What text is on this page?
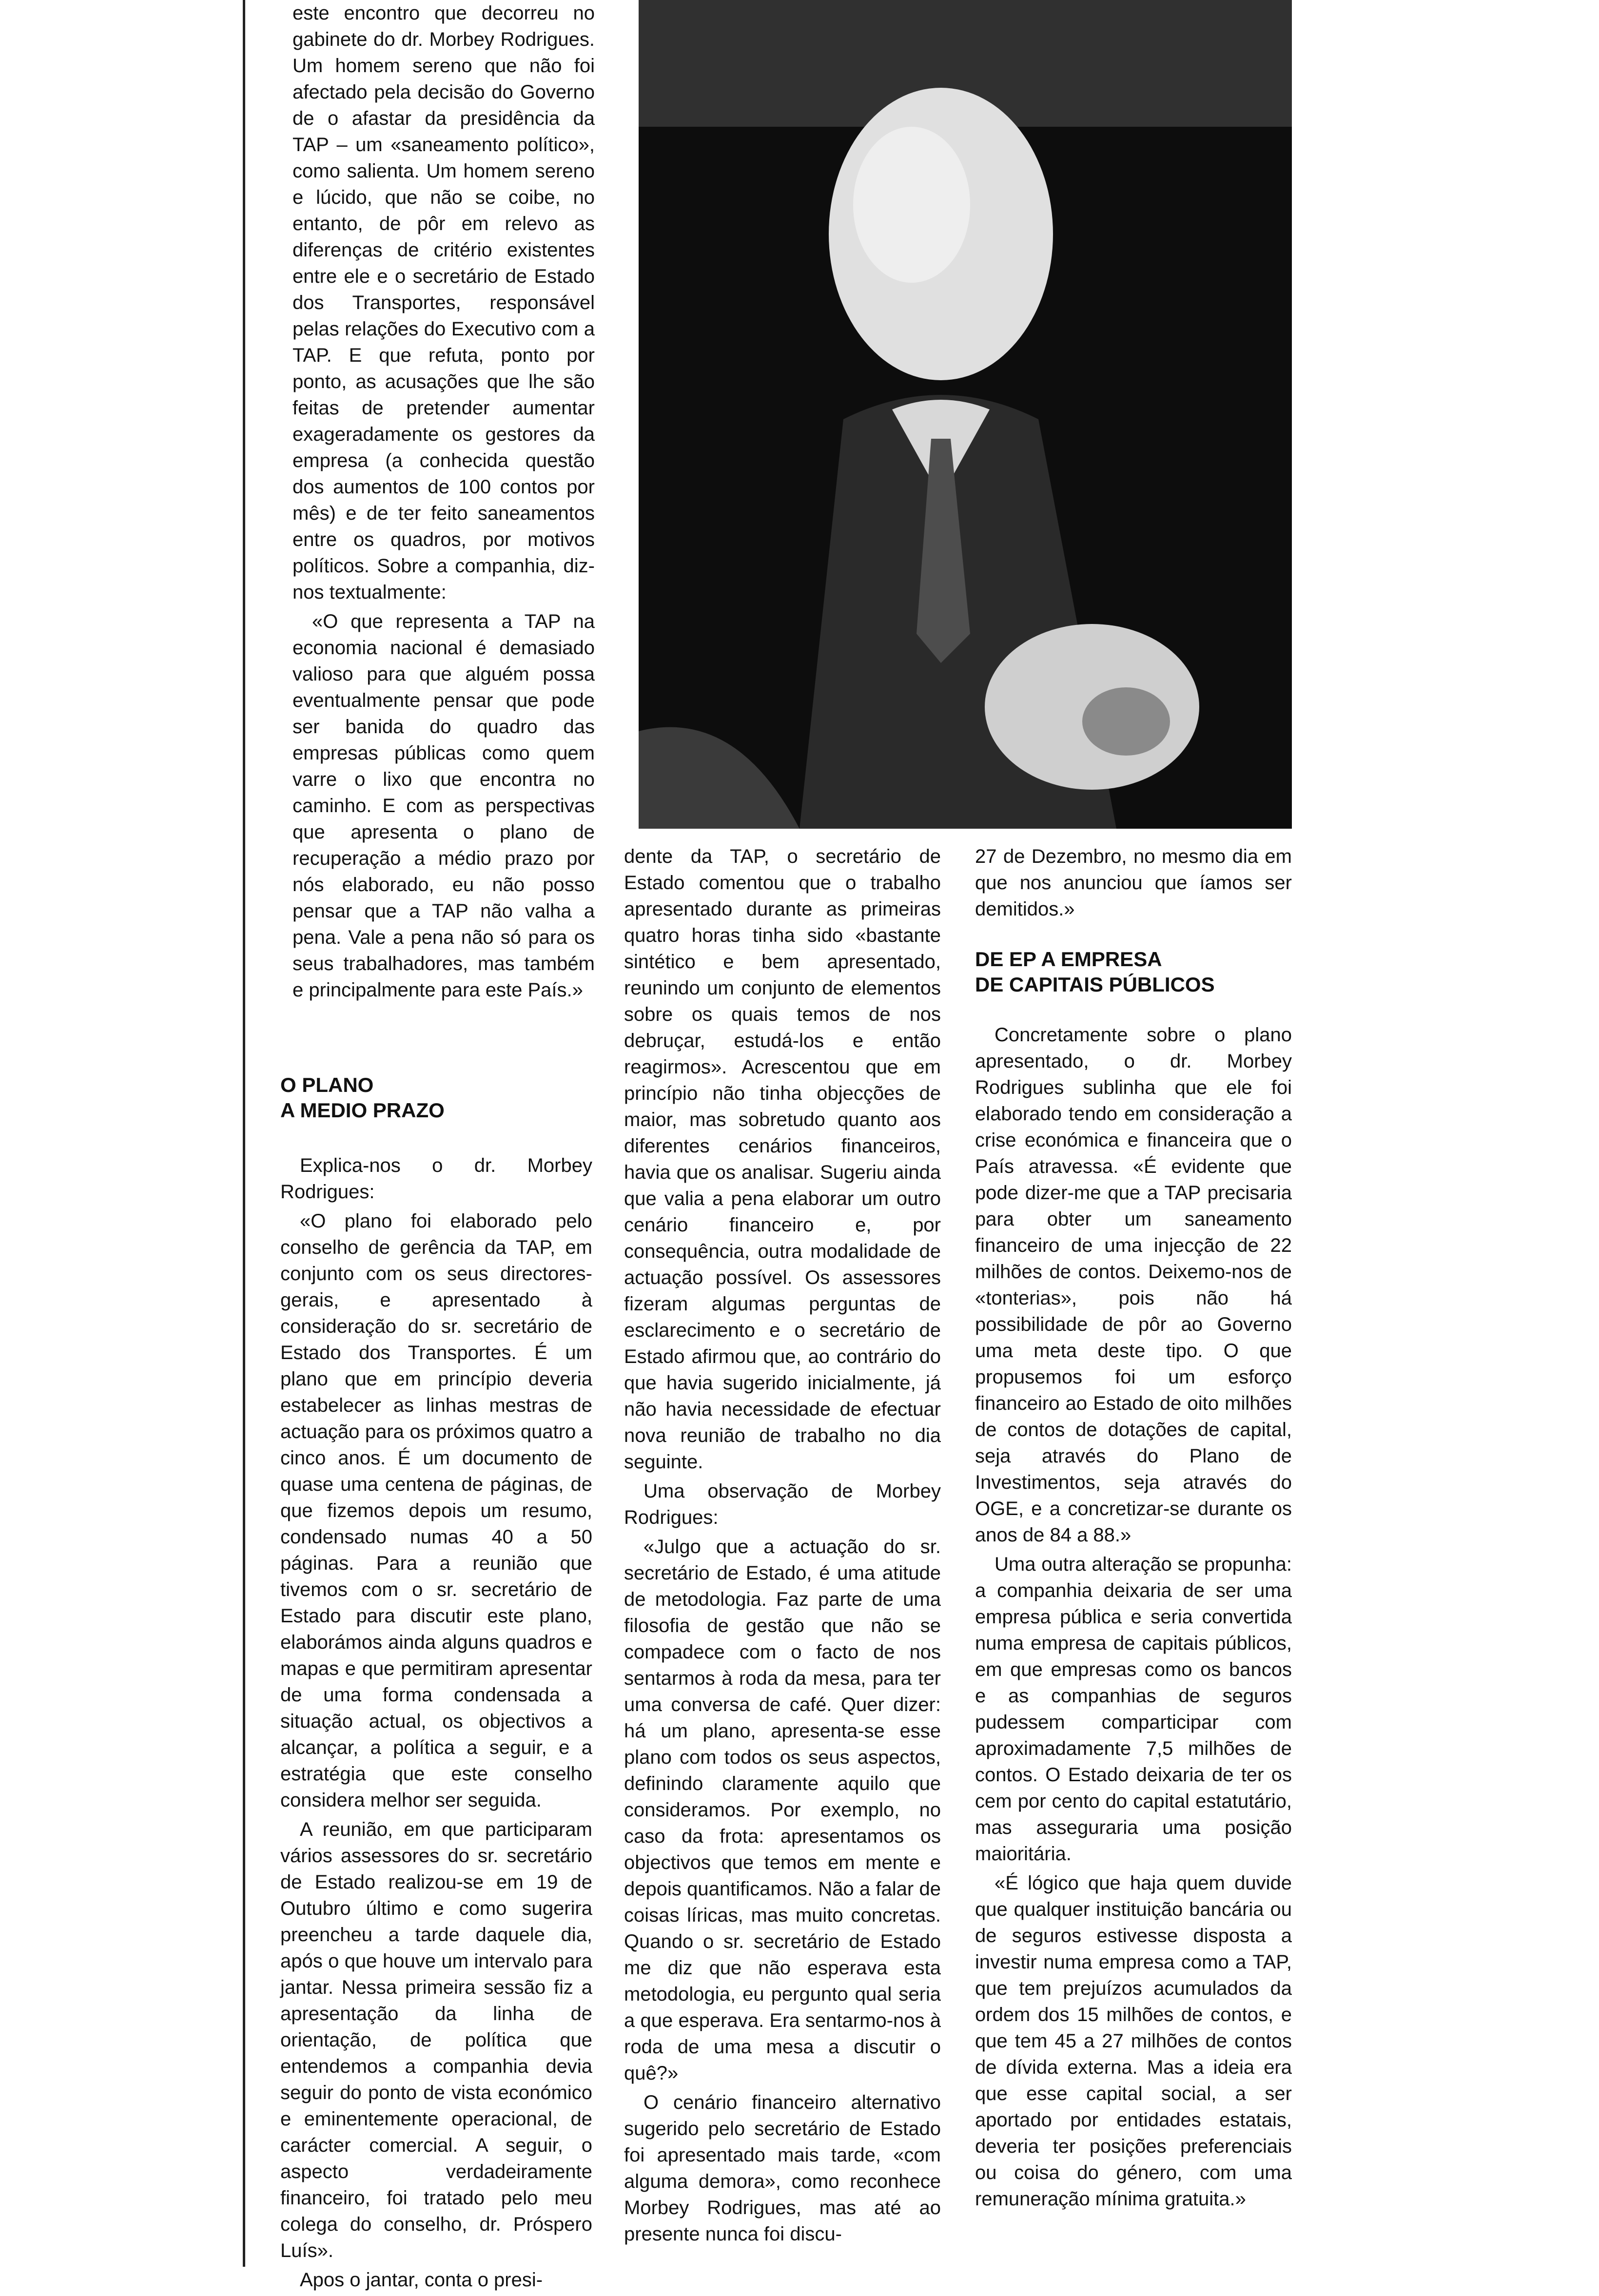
este encontro que decorreu no gabinete do dr. Morbey Rodrigues. Um homem sereno que não foi afectado pela decisão do Governo de o afastar da presidência da TAP – um «saneamento político», como salienta. Um homem sereno e lúcido, que não se coibe, no entanto, de pôr em relevo as diferenças de critério existentes entre ele e o secretário de Estado dos Transportes, responsável pelas relações do Executivo com a TAP. E que refuta, ponto por ponto, as acusações que lhe são feitas de pretender aumentar exageradamente os gestores da empresa (a conhecida questão dos aumentos de 100 contos por mês) e de ter feito saneamentos entre os quadros, por motivos políticos. Sobre a companhia, diz-nos textualmente:

«O que representa a TAP na economia nacional é demasiado valioso para que alguém possa eventualmente pensar que pode ser banida do quadro das empresas públicas como quem varre o lixo que encontra no caminho. E com as perspectivas que apresenta o plano de recuperação a médio prazo por nós elaborado, eu não posso pensar que a TAP não valha a pena. Vale a pena não só para os seus trabalhadores, mas também e principalmente para este País.»

O PLANO
A MEDIO PRAZO

Explica-nos o dr. Morbey Rodrigues:

«O plano foi elaborado pelo conselho de gerência da TAP, em conjunto com os seus directores-gerais, e apresentado à consideração do sr. secretário de Estado dos Transportes. É um plano que em princípio deveria estabelecer as linhas mestras de actuação para os próximos quatro a cinco anos. É um documento de quase uma centena de páginas, de que fizemos depois um resumo, condensado numas 40 a 50 páginas. Para a reunião que tivemos com o sr. secretário de Estado para discutir este plano, elaborámos ainda alguns quadros e mapas e que permitiram apresentar de uma forma condensada a situação actual, os objectivos a alcançar, a política a seguir, e a estratégia que este conselho considera melhor ser seguida.

A reunião, em que participaram vários assessores do sr. secretário de Estado realizou-se em 19 de Outubro último e como sugerira preencheu a tarde daquele dia, após o que houve um intervalo para jantar. Nessa primeira sessão fiz a apresentação da linha de orientação, de política que entendemos a companhia devia seguir do ponto de vista económico e eminentemente operacional, de carácter comercial. A seguir, o aspecto verdadeiramente financeiro, foi tratado pelo meu colega do conselho, dr. Próspero Luís».

Apos o jantar, conta o presi-

dente da TAP, o secretário de Estado comentou que o trabalho apresentado durante as primeiras quatro horas tinha sido «bastante sintético e bem apresentado, reunindo um conjunto de elementos sobre os quais temos de nos debruçar, estudá-los e então reagirmos». Acrescentou que em princípio não tinha objecções de maior, mas sobretudo quanto aos diferentes cenários financeiros, havia que os analisar. Sugeriu ainda que valia a pena elaborar um outro cenário financeiro e, por consequência, outra modalidade de actuação possível. Os assessores fizeram algumas perguntas de esclarecimento e o secretário de Estado afirmou que, ao contrário do que havia sugerido inicialmente, já não havia necessidade de efectuar nova reunião de trabalho no dia seguinte.

Uma observação de Morbey Rodrigues:

«Julgo que a actuação do sr. secretário de Estado, é uma atitude de metodologia. Faz parte de uma filosofia de gestão que não se compadece com o facto de nos sentarmos à roda da mesa, para ter uma conversa de café. Quer dizer: há um plano, apresenta-se esse plano com todos os seus aspectos, definindo claramente aquilo que consideramos. Por exemplo, no caso da frota: apresentamos os objectivos que temos em mente e depois quantificamos. Não a falar de coisas líricas, mas muito concretas. Quando o sr. secretário de Estado me diz que não esperava esta metodologia, eu pergunto qual seria a que esperava. Era sentarmo-nos à roda de uma mesa a discutir o quê?»

O cenário financeiro alternativo sugerido pelo secretário de Estado foi apresentado mais tarde, «com alguma demora», como reconhece Morbey Rodrigues, mas até ao presente nunca foi discu-

27 de Dezembro, no mesmo dia em que nos anunciou que íamos ser demitidos.»

DE EP A EMPRESA
DE CAPITAIS PÚBLICOS

Concretamente sobre o plano apresentado, o dr. Morbey Rodrigues sublinha que ele foi elaborado tendo em consideração a crise económica e financeira que o País atravessa. «É evidente que pode dizer-me que a TAP precisaria para obter um saneamento financeiro de uma injecção de 22 milhões de contos. Deixemo-nos de «tonterias», pois não há possibilidade de pôr ao Governo uma meta deste tipo. O que propusemos foi um esforço financeiro ao Estado de oito milhões de contos de dotações de capital, seja através do Plano de Investimentos, seja através do OGE, e a concretizar-se durante os anos de 84 a 88.»

Uma outra alteração se propunha: a companhia deixaria de ser uma empresa pública e seria convertida numa empresa de capitais públicos, em que empresas como os bancos e as companhias de seguros pudessem comparticipar com aproximadamente 7,5 milhões de contos. O Estado deixaria de ter os cem por cento do capital estatutário, mas asseguraria uma posição maioritária.

«É lógico que haja quem duvide que qualquer instituição bancária ou de seguros estivesse disposta a investir numa empresa como a TAP, que tem prejuízos acumulados da ordem dos 15 milhões de contos, e que tem 45 a 27 milhões de contos de dívida externa. Mas a ideia era que esse capital social, a ser aportado por entidades estatais, deveria ter posições preferenciais ou coisa do género, com uma remuneração mínima gratuita.»
